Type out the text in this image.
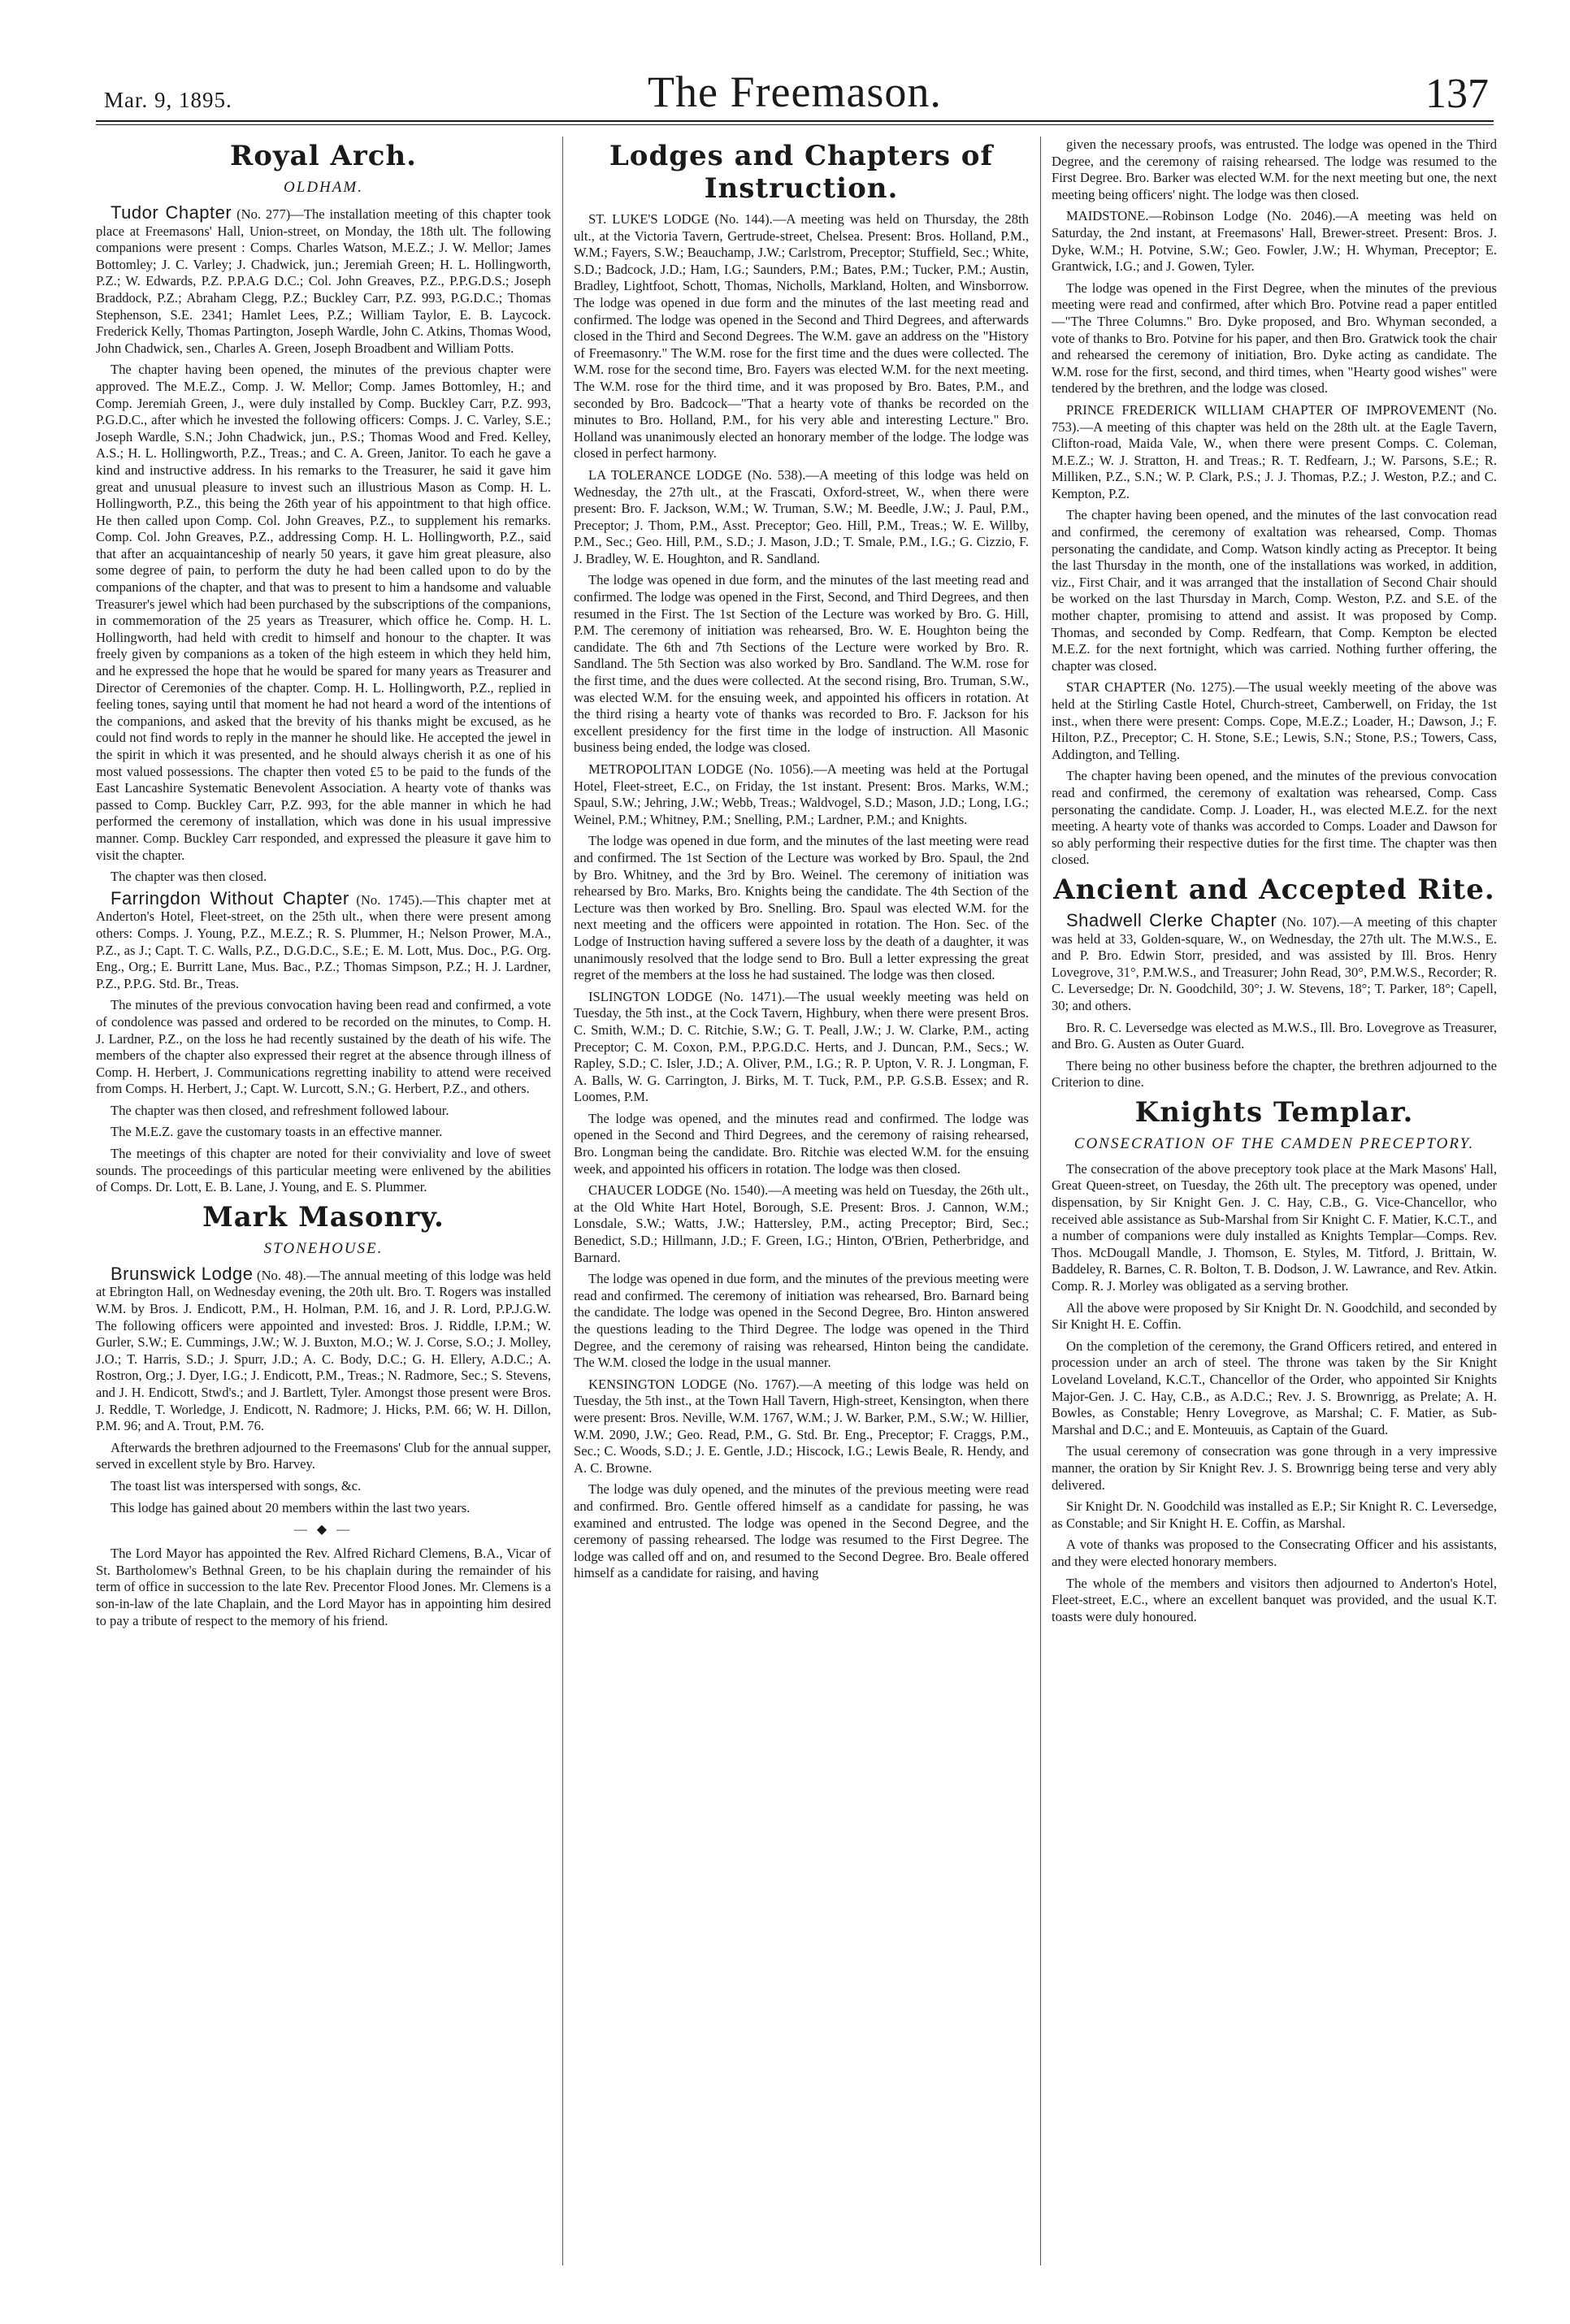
Mar. 9, 1895.	The Freemason.	137
Royal Arch.
OLDHAM.

Tudor Chapter (No. 277)—The installation meeting of this chapter took place at Freemasons' Hall, Union-street, on Monday, the 18th ult. The following companions were present : Comps. Charles Watson, M.E.Z.; J. W. Mellor; James Bottomley; J. C. Varley; J. Chadwick, jun.; Jeremiah Green; H. L. Hollingworth, P.Z.; W. Edwards, P.Z. P.P.A.G D.C.; Col. John Greaves, P.Z., P.P.G.D.S.; Joseph Braddock, P.Z.; Abraham Clegg, P.Z.; Buckley Carr, P.Z. 993, P.G.D.C.; Thomas Stephenson, S.E. 2341; Hamlet Lees, P.Z.; William Taylor, E. B. Laycock. Frederick Kelly, Thomas Partington, Joseph Wardle, John C. Atkins, Thomas Wood, John Chadwick, sen., Charles A. Green, Joseph Broadbent and William Potts.

The chapter having been opened, the minutes of the previous chapter were approved. The M.E.Z., Comp. J. W. Mellor; Comp. James Bottomley, H.; and Comp. Jeremiah Green, J., were duly installed by Comp. Buckley Carr, P.Z. 993, P.G.D.C., after which he invested the following officers: Comps. J. C. Varley, S.E.; Joseph Wardle, S.N.; John Chadwick, jun., P.S.; Thomas Wood and Fred. Kelley, A.S.; H. L. Hollingworth, P.Z., Treas.; and C. A. Green, Janitor. To each he gave a kind and instructive address. In his remarks to the Treasurer, he said it gave him great and unusual pleasure to invest such an illustrious Mason as Comp. H. L. Hollingworth, P.Z., this being the 26th year of his appointment to that high office. He then called upon Comp. Col. John Greaves, P.Z., to supplement his remarks. Comp. Col. John Greaves, P.Z., addressing Comp. H. L. Hollingworth, P.Z., said that after an acquaintanceship of nearly 50 years, it gave him great pleasure, also some degree of pain, to perform the duty he had been called upon to do by the companions of the chapter, and that was to present to him a handsome and valuable Treasurer's jewel which had been purchased by the subscriptions of the companions, in commemoration of the 25 years as Treasurer, which office he. Comp. H. L. Hollingworth, had held with credit to himself and honour to the chapter. It was freely given by companions as a token of the high esteem in which they held him, and he expressed the hope that he would be spared for many years as Treasurer and Director of Ceremonies of the chapter. Comp. H. L. Hollingworth, P.Z., replied in feeling tones, saying until that moment he had not heard a word of the intentions of the companions, and asked that the brevity of his thanks might be excused, as he could not find words to reply in the manner he should like. He accepted the jewel in the spirit in which it was presented, and he should always cherish it as one of his most valued possessions. The chapter then voted £5 to be paid to the funds of the East Lancashire Systematic Benevolent Association. A hearty vote of thanks was passed to Comp. Buckley Carr, P.Z. 993, for the able manner in which he had performed the ceremony of installation, which was done in his usual impressive manner. Comp. Buckley Carr responded, and expressed the pleasure it gave him to visit the chapter.

The chapter was then closed.

Farringdon Without Chapter (No. 1745).—This chapter met at Anderton's Hotel, Fleet-street, on the 25th ult., when there were present among others: Comps. J. Young, P.Z., M.E.Z.; R. S. Plummer, H.; Nelson Prower, M.A., P.Z., as J.; Capt. T. C. Walls, P.Z., D.G.D.C., S.E.; E. M. Lott, Mus. Doc., P.G. Org. Eng., Org.; E. Burritt Lane, Mus. Bac., P.Z.; Thomas Simpson, P.Z.; H. J. Lardner, P.Z., P.P.G. Std. Br., Treas.

The minutes of the previous convocation having been read and confirmed, a vote of condolence was passed and ordered to be recorded on the minutes, to Comp. H. J. Lardner, P.Z., on the loss he had recently sustained by the death of his wife. The members of the chapter also expressed their regret at the absence through illness of Comp. H. Herbert, J. Communications regretting inability to attend were received from Comps. H. Herbert, J.; Capt. W. Lurcott, S.N.; G. Herbert, P.Z., and others.

The chapter was then closed, and refreshment followed labour.

The M.E.Z. gave the customary toasts in an effective manner.

The meetings of this chapter are noted for their conviviality and love of sweet sounds. The proceedings of this particular meeting were enlivened by the abilities of Comps. Dr. Lott, E. B. Lane, J. Young, and E. S. Plummer.

Mark Masonry.
STONEHOUSE.

Brunswick Lodge (No. 48).—The annual meeting of this lodge was held at Ebrington Hall, on Wednesday evening, the 20th ult. Bro. T. Rogers was installed W.M. by Bros. J. Endicott, P.M., H. Holman, P.M. 16, and J. R. Lord, P.P.J.G.W. The following officers were appointed and invested: Bros. J. Riddle, I.P.M.; W. Gurler, S.W.; E. Cummings, J.W.; W. J. Buxton, M.O.; W. J. Corse, S.O.; J. Molley, J.O.; T. Harris, S.D.; J. Spurr, J.D.; A. C. Body, D.C.; G. H. Ellery, A.D.C.; A. Rostron, Org.; J. Dyer, I.G.; J. Endicott, P.M., Treas.; N. Radmore, Sec.; S. Stevens, and J. H. Endicott, Stwd's.; and J. Bartlett, Tyler. Amongst those present were Bros. J. Reddle, T. Worledge, J. Endicott, N. Radmore; J. Hicks, P.M. 66; W. H. Dillon, P.M. 96; and A. Trout, P.M. 76.

Afterwards the brethren adjourned to the Freemasons' Club for the annual supper, served in excellent style by Bro. Harvey.

The toast list was interspersed with songs, &c.

This lodge has gained about 20 members within the last two years.

— ◆ —

The Lord Mayor has appointed the Rev. Alfred Richard Clemens, B.A., Vicar of St. Bartholomew's Bethnal Green, to be his chaplain during the remainder of his term of office in succession to the late Rev. Precentor Flood Jones. Mr. Clemens is a son-in-law of the late Chaplain, and the Lord Mayor has in appointing him desired to pay a tribute of respect to the memory of his friend.

Lodges and Chapters of Instruction.

ST. LUKE'S LODGE (No. 144).—A meeting was held on Thursday, the 28th ult., at the Victoria Tavern, Gertrude-street, Chelsea. Present: Bros. Holland, P.M., W.M.; Fayers, S.W.; Beauchamp, J.W.; Carlstrom, Preceptor; Stuffield, Sec.; White, S.D.; Badcock, J.D.; Ham, I.G.; Saunders, P.M.; Bates, P.M.; Tucker, P.M.; Austin, Bradley, Lightfoot, Schott, Thomas, Nicholls, Markland, Holten, and Winsborrow. The lodge was opened in due form and the minutes of the last meeting read and confirmed. The lodge was opened in the Second and Third Degrees, and afterwards closed in the Third and Second Degrees. The W.M. gave an address on the "History of Freemasonry." The W.M. rose for the first time and the dues were collected. The W.M. rose for the second time, Bro. Fayers was elected W.M. for the next meeting. The W.M. rose for the third time, and it was proposed by Bro. Bates, P.M., and seconded by Bro. Badcock—"That a hearty vote of thanks be recorded on the minutes to Bro. Holland, P.M., for his very able and interesting Lecture." Bro. Holland was unanimously elected an honorary member of the lodge. The lodge was closed in perfect harmony.

LA TOLERANCE LODGE (No. 538).—A meeting of this lodge was held on Wednesday, the 27th ult., at the Frascati, Oxford-street, W., when there were present: Bro. F. Jackson, W.M.; W. Truman, S.W.; M. Beedle, J.W.; J. Paul, P.M., Preceptor; J. Thom, P.M., Asst. Preceptor; Geo. Hill, P.M., Treas.; W. E. Willby, P.M., Sec.; Geo. Hill, P.M., S.D.; J. Mason, J.D.; T. Smale, P.M., I.G.; G. Cizzio, F. J. Bradley, W. E. Houghton, and R. Sandland.

The lodge was opened in due form, and the minutes of the last meeting read and confirmed. The lodge was opened in the First, Second, and Third Degrees, and then resumed in the First. The 1st Section of the Lecture was worked by Bro. G. Hill, P.M. The ceremony of initiation was rehearsed, Bro. W. E. Houghton being the candidate. The 6th and 7th Sections of the Lecture were worked by Bro. R. Sandland. The 5th Section was also worked by Bro. Sandland. The W.M. rose for the first time, and the dues were collected. At the second rising, Bro. Truman, S.W., was elected W.M. for the ensuing week, and appointed his officers in rotation. At the third rising a hearty vote of thanks was recorded to Bro. F. Jackson for his excellent presidency for the first time in the lodge of instruction. All Masonic business being ended, the lodge was closed.

METROPOLITAN LODGE (No. 1056).—A meeting was held at the Portugal Hotel, Fleet-street, E.C., on Friday, the 1st instant. Present: Bros. Marks, W.M.; Spaul, S.W.; Jehring, J.W.; Webb, Treas.; Waldvogel, S.D.; Mason, J.D.; Long, I.G.; Weinel, P.M.; Whitney, P.M.; Snelling, P.M.; Lardner, P.M.; and Knights.

The lodge was opened in due form, and the minutes of the last meeting were read and confirmed. The 1st Section of the Lecture was worked by Bro. Spaul, the 2nd by Bro. Whitney, and the 3rd by Bro. Weinel. The ceremony of initiation was rehearsed by Bro. Marks, Bro. Knights being the candidate. The 4th Section of the Lecture was then worked by Bro. Snelling. Bro. Spaul was elected W.M. for the next meeting and the officers were appointed in rotation. The Hon. Sec. of the Lodge of Instruction having suffered a severe loss by the death of a daughter, it was unanimously resolved that the lodge send to Bro. Bull a letter expressing the great regret of the members at the loss he had sustained. The lodge was then closed.

ISLINGTON LODGE (No. 1471).—The usual weekly meeting was held on Tuesday, the 5th inst., at the Cock Tavern, Highbury, when there were present Bros. C. Smith, W.M.; D. C. Ritchie, S.W.; G. T. Peall, J.W.; J. W. Clarke, P.M., acting Preceptor; C. M. Coxon, P.M., P.P.G.D.C. Herts, and J. Duncan, P.M., Secs.; W. Rapley, S.D.; C. Isler, J.D.; A. Oliver, P.M., I.G.; R. P. Upton, V. R. J. Longman, F. A. Balls, W. G. Carrington, J. Birks, M. T. Tuck, P.M., P.P. G.S.B. Essex; and R. Loomes, P.M.

The lodge was opened, and the minutes read and confirmed. The lodge was opened in the Second and Third Degrees, and the ceremony of raising rehearsed, Bro. Longman being the candidate. Bro. Ritchie was elected W.M. for the ensuing week, and appointed his officers in rotation. The lodge was then closed.

CHAUCER LODGE (No. 1540).—A meeting was held on Tuesday, the 26th ult., at the Old White Hart Hotel, Borough, S.E. Present: Bros. J. Cannon, W.M.; Lonsdale, S.W.; Watts, J.W.; Hattersley, P.M., acting Preceptor; Bird, Sec.; Benedict, S.D.; Hillmann, J.D.; F. Green, I.G.; Hinton, O'Brien, Petherbridge, and Barnard.

The lodge was opened in due form, and the minutes of the previous meeting were read and confirmed. The ceremony of initiation was rehearsed, Bro. Barnard being the candidate. The lodge was opened in the Second Degree, Bro. Hinton answered the questions leading to the Third Degree. The lodge was opened in the Third Degree, and the ceremony of raising was rehearsed, Hinton being the candidate. The W.M. closed the lodge in the usual manner.

KENSINGTON LODGE (No. 1767).—A meeting of this lodge was held on Tuesday, the 5th inst., at the Town Hall Tavern, High-street, Kensington, when there were present: Bros. Neville, W.M. 1767, W.M.; J. W. Barker, P.M., S.W.; W. Hillier, W.M. 2090, J.W.; Geo. Read, P.M., G. Std. Br. Eng., Preceptor; F. Craggs, P.M., Sec.; C. Woods, S.D.; J. E. Gentle, J.D.; Hiscock, I.G.; Lewis Beale, R. Hendy, and A. C. Browne.

The lodge was duly opened, and the minutes of the previous meeting were read and confirmed. Bro. Gentle offered himself as a candidate for passing, he was examined and entrusted. The lodge was opened in the Second Degree, and the ceremony of passing rehearsed. The lodge was resumed to the First Degree. The lodge was called off and on, and resumed to the Second Degree. Bro. Beale offered himself as a candidate for raising, and having

given the necessary proofs, was entrusted. The lodge was opened in the Third Degree, and the ceremony of raising rehearsed. The lodge was resumed to the First Degree. Bro. Barker was elected W.M. for the next meeting but one, the next meeting being officers' night. The lodge was then closed.

MAIDSTONE.—Robinson Lodge (No. 2046).—A meeting was held on Saturday, the 2nd instant, at Freemasons' Hall, Brewer-street. Present: Bros. J. Dyke, W.M.; H. Potvine, S.W.; Geo. Fowler, J.W.; H. Whyman, Preceptor; E. Grantwick, I.G.; and J. Gowen, Tyler.

The lodge was opened in the First Degree, when the minutes of the previous meeting were read and confirmed, after which Bro. Potvine read a paper entitled—"The Three Columns." Bro. Dyke proposed, and Bro. Whyman seconded, a vote of thanks to Bro. Potvine for his paper, and then Bro. Gratwick took the chair and rehearsed the ceremony of initiation, Bro. Dyke acting as candidate. The W.M. rose for the first, second, and third times, when "Hearty good wishes" were tendered by the brethren, and the lodge was closed.

PRINCE FREDERICK WILLIAM CHAPTER OF IMPROVEMENT (No. 753).—A meeting of this chapter was held on the 28th ult. at the Eagle Tavern, Clifton-road, Maida Vale, W., when there were present Comps. C. Coleman, M.E.Z.; W. J. Stratton, H. and Treas.; R. T. Redfearn, J.; W. Parsons, S.E.; R. Milliken, P.Z., S.N.; W. P. Clark, P.S.; J. J. Thomas, P.Z.; J. Weston, P.Z.; and C. Kempton, P.Z.

The chapter having been opened, and the minutes of the last convocation read and confirmed, the ceremony of exaltation was rehearsed, Comp. Thomas personating the candidate, and Comp. Watson kindly acting as Preceptor. It being the last Thursday in the month, one of the installations was worked, in addition, viz., First Chair, and it was arranged that the installation of Second Chair should be worked on the last Thursday in March, Comp. Weston, P.Z. and S.E. of the mother chapter, promising to attend and assist. It was proposed by Comp. Thomas, and seconded by Comp. Redfearn, that Comp. Kempton be elected M.E.Z. for the next fortnight, which was carried. Nothing further offering, the chapter was closed.

STAR CHAPTER (No. 1275).—The usual weekly meeting of the above was held at the Stirling Castle Hotel, Church-street, Camberwell, on Friday, the 1st inst., when there were present: Comps. Cope, M.E.Z.; Loader, H.; Dawson, J.; F. Hilton, P.Z., Preceptor; C. H. Stone, S.E.; Lewis, S.N.; Stone, P.S.; Towers, Cass, Addington, and Telling.

The chapter having been opened, and the minutes of the previous convocation read and confirmed, the ceremony of exaltation was rehearsed, Comp. Cass personating the candidate. Comp. J. Loader, H., was elected M.E.Z. for the next meeting. A hearty vote of thanks was accorded to Comps. Loader and Dawson for so ably performing their respective duties for the first time. The chapter was then closed.

Ancient and Accepted Rite.

Shadwell Clerke Chapter (No. 107).—A meeting of this chapter was held at 33, Golden-square, W., on Wednesday, the 27th ult. The M.W.S., E. and P. Bro. Edwin Storr, presided, and was assisted by Ill. Bros. Henry Lovegrove, 31°, P.M.W.S., and Treasurer; John Read, 30°, P.M.W.S., Recorder; R. C. Leversedge; Dr. N. Goodchild, 30°; J. W. Stevens, 18°; T. Parker, 18°; Capell, 30; and others.

Bro. R. C. Leversedge was elected as M.W.S., Ill. Bro. Lovegrove as Treasurer, and Bro. G. Austen as Outer Guard.

There being no other business before the chapter, the brethren adjourned to the Criterion to dine.

Knights Templar.
CONSECRATION OF THE CAMDEN PRECEPTORY.

The consecration of the above preceptory took place at the Mark Masons' Hall, Great Queen-street, on Tuesday, the 26th ult. The preceptory was opened, under dispensation, by Sir Knight Gen. J. C. Hay, C.B., G. Vice-Chancellor, who received able assistance as Sub-Marshal from Sir Knight C. F. Matier, K.C.T., and a number of companions were duly installed as Knights Templar—Comps. Rev. Thos. McDougall Mandle, J. Thomson, E. Styles, M. Titford, J. Brittain, W. Baddeley, R. Barnes, C. R. Bolton, T. B. Dodson, J. W. Lawrance, and Rev. Atkin. Comp. R. J. Morley was obligated as a serving brother.

All the above were proposed by Sir Knight Dr. N. Goodchild, and seconded by Sir Knight H. E. Coffin.

On the completion of the ceremony, the Grand Officers retired, and entered in procession under an arch of steel. The throne was taken by the Sir Knight Loveland Loveland, K.C.T., Chancellor of the Order, who appointed Sir Knights Major-Gen. J. C. Hay, C.B., as A.D.C.; Rev. J. S. Brownrigg, as Prelate; A. H. Bowles, as Constable; Henry Lovegrove, as Marshal; C. F. Matier, as Sub-Marshal and D.C.; and E. Monteuuis, as Captain of the Guard.

The usual ceremony of consecration was gone through in a very impressive manner, the oration by Sir Knight Rev. J. S. Brownrigg being terse and very ably delivered.

Sir Knight Dr. N. Goodchild was installed as E.P.; Sir Knight R. C. Leversedge, as Constable; and Sir Knight H. E. Coffin, as Marshal.

A vote of thanks was proposed to the Consecrating Officer and his assistants, and they were elected honorary members.

The whole of the members and visitors then adjourned to Anderton's Hotel, Fleet-street, E.C., where an excellent banquet was provided, and the usual K.T. toasts were duly honoured.
